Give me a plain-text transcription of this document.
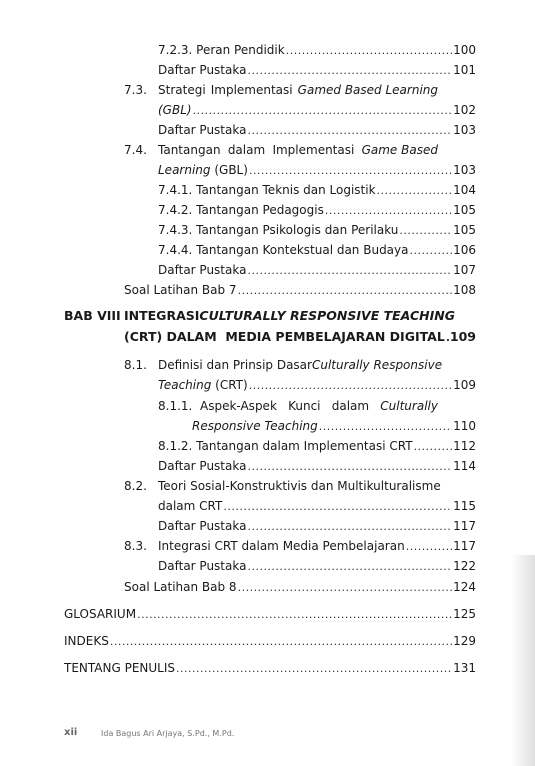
7.2.3. Peran Pendidik .....	100
Daftar Pustaka .....	101
7.3. Strategi Implementasi Gamed Based Learning
(GBL) .....	102
Daftar Pustaka .....	103
7.4. Tantangan dalam Implementasi Game Based
Learning (GBL) .....	103
7.4.1. Tantangan Teknis dan Logistik .....	104
7.4.2. Tantangan Pedagogis .....	105
7.4.3. Tantangan Psikologis dan Perilaku .....	105
7.4.4. Tantangan Kontekstual dan Budaya .....	106
Daftar Pustaka .....	107
Soal Latihan Bab 7 .....	108
BAB VIII INTEGRASI CULTURALLY RESPONSIVE TEACHING
(CRT) DALAM  MEDIA PEMBELAJARAN DIGITAL ..... 109
8.1. Definisi dan Prinsip Dasar Culturally Responsive
Teaching (CRT) .....	109
8.1.1. Aspek-Aspek Kunci dalam Culturally
Responsive Teaching .....	110
8.1.2. Tantangan dalam Implementasi CRT .....	112
Daftar Pustaka .....	114
8.2. Teori Sosial-Konstruktivis dan Multikulturalisme
dalam CRT .....	115
Daftar Pustaka .....	117
8.3. Integrasi CRT dalam Media Pembelajaran .....	117
Daftar Pustaka .....	122
Soal Latihan Bab 8 .....	124
GLOSARIUM .....	125
INDEKS .....	129
TENTANG PENULIS .....	131
xii	Ida Bagus Ari Arjaya, S.Pd., M.Pd.
